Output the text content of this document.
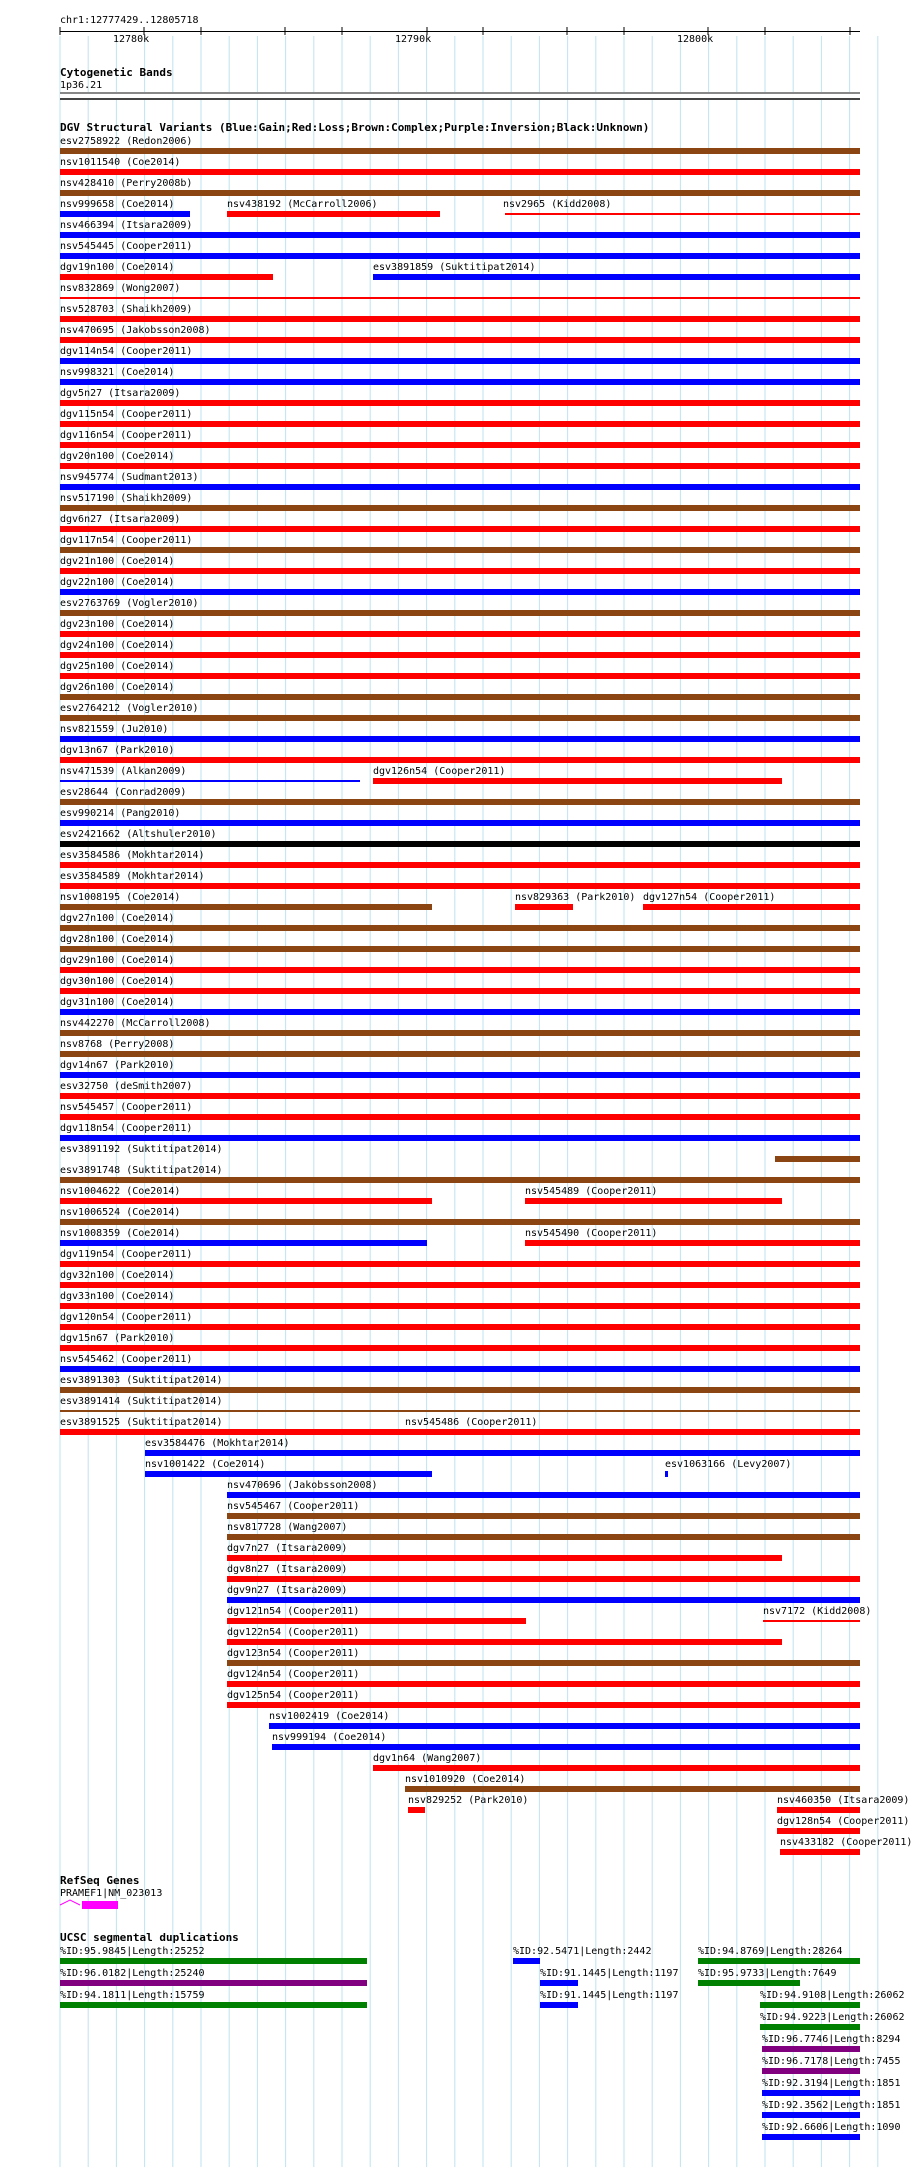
chr1:12777429..12805718
12780k	12790k	12800k
Cytogenetic Bands
1p36.21
DGV Structural Variants (Blue:Gain;Red:Loss;Brown:Complex;Purple:Inversion;Black:Unknown)
esv2758922 (Redon2006)
nsv1011540 (Coe2014)
nsv428410 (Perry2008b)
nsv999658 (Coe2014)	nsv438192 (McCarroll2006)	nsv2965 (Kidd2008)
nsv466394 (Itsara2009)
nsv545445 (Cooper2011)
dgv19n100 (Coe2014)	esv3891859 (Suktitipat2014)
nsv832869 (Wong2007)
nsv528703 (Shaikh2009)
nsv470695 (Jakobsson2008)
dgv114n54 (Cooper2011)
nsv998321 (Coe2014)
dgv5n27 (Itsara2009)
dgv115n54 (Cooper2011)
dgv116n54 (Cooper2011)
dgv20n100 (Coe2014)
nsv945774 (Sudmant2013)
nsv517190 (Shaikh2009)
dgv6n27 (Itsara2009)
dgv117n54 (Cooper2011)
dgv21n100 (Coe2014)
dgv22n100 (Coe2014)
esv2763769 (Vogler2010)
dgv23n100 (Coe2014)
dgv24n100 (Coe2014)
dgv25n100 (Coe2014)
dgv26n100 (Coe2014)
esv2764212 (Vogler2010)
nsv821559 (Ju2010)
dgv13n67 (Park2010)
nsv471539 (Alkan2009)	dgv126n54 (Cooper2011)
esv28644 (Conrad2009)
esv990214 (Pang2010)
esv2421662 (Altshuler2010)
esv3584586 (Mokhtar2014)
esv3584589 (Mokhtar2014)
nsv1008195 (Coe2014)	nsv829363 (Park2010) dgv127n54 (Cooper2011)
dgv27n100 (Coe2014)
dgv28n100 (Coe2014)
dgv29n100 (Coe2014)
dgv30n100 (Coe2014)
dgv31n100 (Coe2014)
nsv442270 (McCarroll2008)
nsv8768 (Perry2008)
dgv14n67 (Park2010)
esv32750 (deSmith2007)
nsv545457 (Cooper2011)
dgv118n54 (Cooper2011)
esv3891192 (Suktitipat2014)
esv3891748 (Suktitipat2014)
nsv1004622 (Coe2014)	nsv545489 (Cooper2011)
nsv1006524 (Coe2014)
nsv1008359 (Coe2014)	nsv545490 (Cooper2011)
dgv119n54 (Cooper2011)
dgv32n100 (Coe2014)
dgv33n100 (Coe2014)
dgv120n54 (Cooper2011)
dgv15n67 (Park2010)
nsv545462 (Cooper2011)
esv3891303 (Suktitipat2014)
esv3891414 (Suktitipat2014)
esv3891525 (Suktitipat2014)	nsv545486 (Cooper2011)
esv3584476 (Mokhtar2014)
nsv1001422 (Coe2014)	esv1063166 (Levy2007)
nsv470696 (Jakobsson2008)
nsv545467 (Cooper2011)
nsv817728 (Wang2007)
dgv7n27 (Itsara2009)
dgv8n27 (Itsara2009)
dgv9n27 (Itsara2009)
dgv121n54 (Cooper2011)	nsv7172 (Kidd2008)
dgv122n54 (Cooper2011)
dgv123n54 (Cooper2011)
dgv124n54 (Cooper2011)
dgv125n54 (Cooper2011)
nsv1002419 (Coe2014)
nsv999194 (Coe2014)
dgv1n64 (Wang2007)
nsv1010920 (Coe2014)
nsv829252 (Park2010)	nsv460350 (Itsara2009)
dgv128n54 (Cooper2011)
nsv433182 (Cooper2011)
RefSeq Genes
PRAMEF1|NM_023013
UCSC segmental duplications
%ID:95.9845|Length:25252
%ID:96.0182|Length:25240
%ID:94.1811|Length:15759
%ID:92.5471|Length:2442
%ID:91.1445|Length:1197
%ID:91.1445|Length:1197
%ID:94.8769|Length:28264
%ID:95.9733|Length:7649
%ID:94.9108|Length:26062
%ID:94.9223|Length:26062
%ID:96.7746|Length:8294
%ID:96.7178|Length:7455
%ID:92.3194|Length:1851
%ID:92.3562|Length:1851
%ID:92.6606|Length:1090
